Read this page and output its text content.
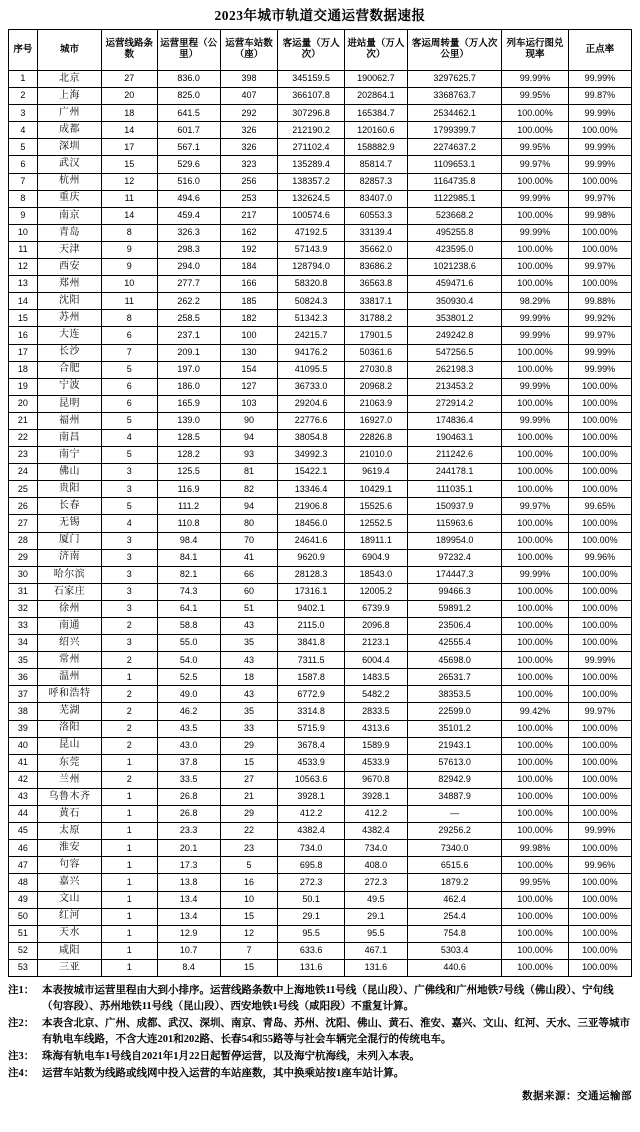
2023年城市轨道交通运营数据速报
序号	城市	运营线路条数	运营里程（公里）	运营车站数（座）	客运量（万人次）	进站量（万人次）	客运周转量（万人次公里）	列车运行图兑现率	正点率
1	北京	27	836.0	398	345159.5	190062.7	3297625.7	99.99%	99.99%
2	上海	20	825.0	407	366107.8	202864.1	3368763.7	99.95%	99.87%
3	广州	18	641.5	292	307296.8	165384.7	2534462.1	100.00%	99.99%
4	成都	14	601.7	326	212190.2	120160.6	1799399.7	100.00%	100.00%
5	深圳	17	567.1	326	271102.4	158882.9	2274637.2	99.95%	99.99%
6	武汉	15	529.6	323	135289.4	85814.7	1109653.1	99.97%	99.99%
7	杭州	12	516.0	256	138357.2	82857.3	1164735.8	100.00%	100.00%
8	重庆	11	494.6	253	132624.5	83407.0	1122985.1	99.99%	99.97%
9	南京	14	459.4	217	100574.6	60553.3	523668.2	100.00%	99.98%
10	青岛	8	326.3	162	47192.5	33139.4	495255.8	99.99%	100.00%
11	天津	9	298.3	192	57143.9	35662.0	423595.0	100.00%	100.00%
12	西安	9	294.0	184	128794.0	83686.2	1021238.6	100.00%	99.97%
13	郑州	10	277.7	166	58320.8	36563.8	459471.6	100.00%	100.00%
14	沈阳	11	262.2	185	50824.3	33817.1	350930.4	98.29%	99.88%
15	苏州	8	258.5	182	51342.3	31788.2	353801.2	99.99%	99.92%
16	大连	6	237.1	100	24215.7	17901.5	249242.8	99.99%	99.97%
17	长沙	7	209.1	130	94176.2	50361.6	547256.5	100.00%	99.99%
18	合肥	5	197.0	154	41095.5	27030.8	262198.3	100.00%	99.99%
19	宁波	6	186.0	127	36733.0	20968.2	213453.2	99.99%	100.00%
20	昆明	6	165.9	103	29204.6	21063.9	272914.2	100.00%	100.00%
21	福州	5	139.0	90	22776.6	16927.0	174836.4	99.99%	100.00%
22	南昌	4	128.5	94	38054.8	22826.8	190463.1	100.00%	100.00%
23	南宁	5	128.2	93	34992.3	21010.0	211242.6	100.00%	100.00%
24	佛山	3	125.5	81	15422.1	9619.4	244178.1	100.00%	100.00%
25	贵阳	3	116.9	82	13346.4	10429.1	111035.1	100.00%	100.00%
26	长春	5	111.2	94	21906.8	15525.6	150937.9	99.97%	99.65%
27	无锡	4	110.8	80	18456.0	12552.5	115963.6	100.00%	100.00%
28	厦门	3	98.4	70	24641.6	18911.1	189954.0	100.00%	100.00%
29	济南	3	84.1	41	9620.9	6904.9	97232.4	100.00%	99.96%
30	哈尔滨	3	82.1	66	28128.3	18543.0	174447.3	99.99%	100.00%
31	石家庄	3	74.3	60	17316.1	12005.2	99466.3	100.00%	100.00%
32	徐州	3	64.1	51	9402.1	6739.9	59891.2	100.00%	100.00%
33	南通	2	58.8	43	2115.0	2096.8	23506.4	100.00%	100.00%
34	绍兴	3	55.0	35	3841.8	2123.1	42555.4	100.00%	100.00%
35	常州	2	54.0	43	7311.5	6004.4	45698.0	100.00%	99.99%
36	温州	1	52.5	18	1587.8	1483.5	26531.7	100.00%	100.00%
37	呼和浩特	2	49.0	43	6772.9	5482.2	38353.5	100.00%	100.00%
38	芜湖	2	46.2	35	3314.8	2833.5	22599.0	99.42%	99.97%
39	洛阳	2	43.5	33	5715.9	4313.6	35101.2	100.00%	100.00%
40	昆山	2	43.0	29	3678.4	1589.9	21943.1	100.00%	100.00%
41	东莞	1	37.8	15	4533.9	4533.9	57613.0	100.00%	100.00%
42	兰州	2	33.5	27	10563.6	9670.8	82942.9	100.00%	100.00%
43	乌鲁木齐	1	26.8	21	3928.1	3928.1	34887.9	100.00%	100.00%
44	黄石	1	26.8	29	412.2	412.2	—	100.00%	100.00%
45	太原	1	23.3	22	4382.4	4382.4	29256.2	100.00%	99.99%
46	淮安	1	20.1	23	734.0	734.0	7340.0	99.98%	100.00%
47	句容	1	17.3	5	695.8	408.0	6515.6	100.00%	99.96%
48	嘉兴	1	13.8	16	272.3	272.3	1879.2	99.95%	100.00%
49	文山	1	13.4	10	50.1	49.5	462.4	100.00%	100.00%
50	红河	1	13.4	15	29.1	29.1	254.4	100.00%	100.00%
51	天水	1	12.9	12	95.5	95.5	754.8	100.00%	100.00%
52	咸阳	1	10.7	7	633.6	467.1	5303.4	100.00%	100.00%
53	三亚	1	8.4	15	131.6	131.6	440.6	100.00%	100.00%
注1： 本表按城市运营里程由大到小排序。运营线路条数中上海地铁11号线（昆山段）、广佛线和广州地铁7号线（佛山段）、宁句线（句容段）、苏州地铁11号线（昆山段）、西安地铁1号线（咸阳段）不重复计算。
注2： 本表含北京、广州、成都、武汉、深圳、南京、青岛、苏州、沈阳、佛山、黄石、淮安、嘉兴、文山、红河、天水、三亚等城市有轨电车线路，不含大连201和202路、长春54和55路等与社会车辆完全混行的传统电车。
注3： 珠海有轨电车1号线自2021年1月22日起暂停运营，以及海宁杭海线，未列入本表。
注4： 运营车站数为线路或线网中投入运营的车站座数，其中换乘站按1座车站计算。
数据来源：交通运输部
